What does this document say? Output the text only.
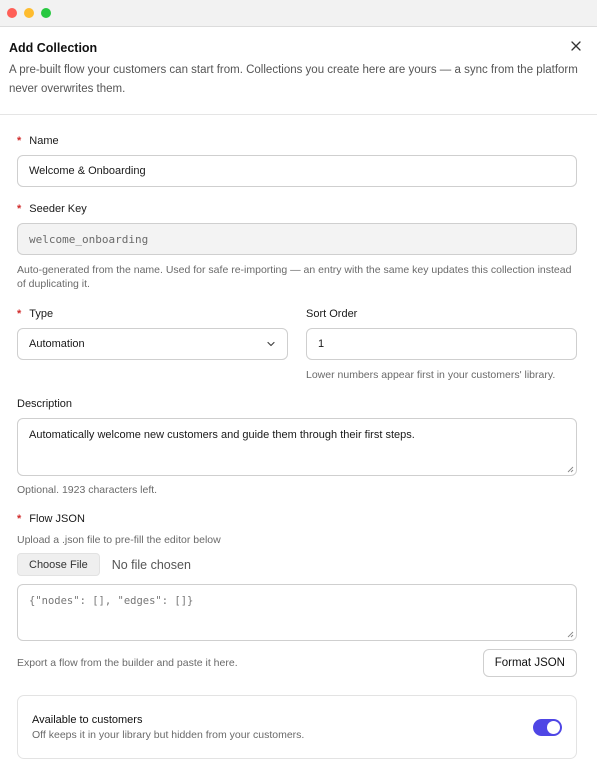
Add Collection
A pre-built flow your customers can start from. Collections you create here are yours — a sync from the platform never overwrites them.
* Name
Welcome & Onboarding
* Seeder Key
welcome_onboarding
Auto-generated from the name. Used for safe re-importing — an entry with the same key updates this collection instead of duplicating it.
* Type
Automation
Sort Order
1
Lower numbers appear first in your customers' library.
Description
Automatically welcome new customers and guide them through their first steps.
Optional. 1923 characters left.
* Flow JSON
Upload a .json file to pre-fill the editor below
Choose File	No file chosen
{"nodes": [], "edges": []}
Export a flow from the builder and paste it here.	Format JSON
Available to customers
Off keeps it in your library but hidden from your customers.
